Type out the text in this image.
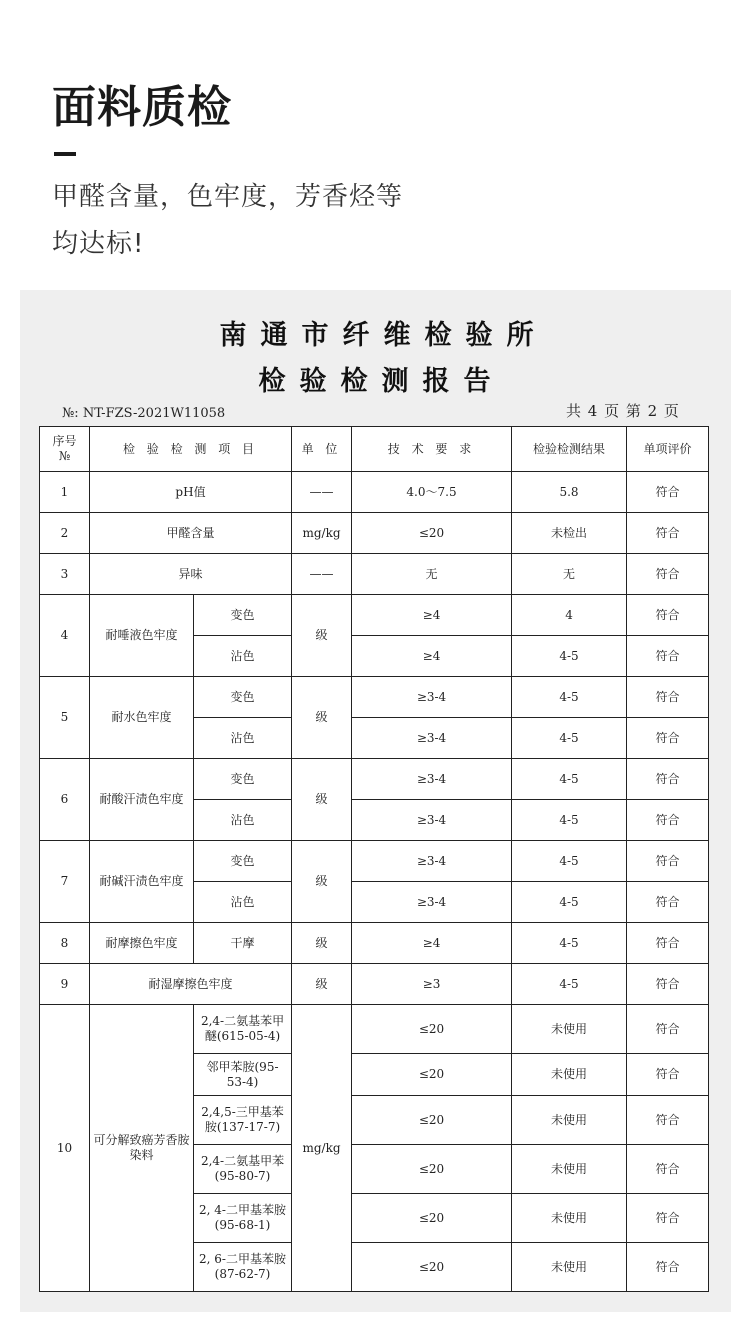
面料质检

甲醛含量，色牢度，芳香烃等

均达标!

南通市纤维检验所
检验检测报告
№: NT-FZS-2021W11058	共 4 页 第 2 页
序号
№	检 验 检 测 项 目		单 位	技 术 要 求	检验检测结果	单项评价
1	pH值		——	4.0～7.5	5.8	符合
2	甲醛含量		mg/kg	≤20	未检出	符合
3	异味		——	无	无	符合
4	耐唾液色牢度	变色	级	≥4	4	符合
		沾色		≥4	4-5	符合
5	耐水色牢度	变色	级	≥3-4	4-5	符合
		沾色		≥3-4	4-5	符合
6	耐酸汗渍色牢度	变色	级	≥3-4	4-5	符合
		沾色		≥3-4	4-5	符合
7	耐碱汗渍色牢度	变色	级	≥3-4	4-5	符合
		沾色		≥3-4	4-5	符合
8	耐摩擦色牢度	干摩	级	≥4	4-5	符合
9	耐湿摩擦色牢度		级	≥3	4-5	符合
10	可分解致癌芳香胺染料	2,4-二氨基苯甲醚(615-05-4)	mg/kg	≤20	未使用	符合
		邻甲苯胺(95-53-4)		≤20	未使用	符合
		2,4,5-三甲基苯胺(137-17-7)		≤20	未使用	符合
		2,4-二氨基甲苯(95-80-7)		≤20	未使用	符合
		2, 4-二甲基苯胺(95-68-1)		≤20	未使用	符合
		2, 6-二甲基苯胺(87-62-7)		≤20	未使用	符合
